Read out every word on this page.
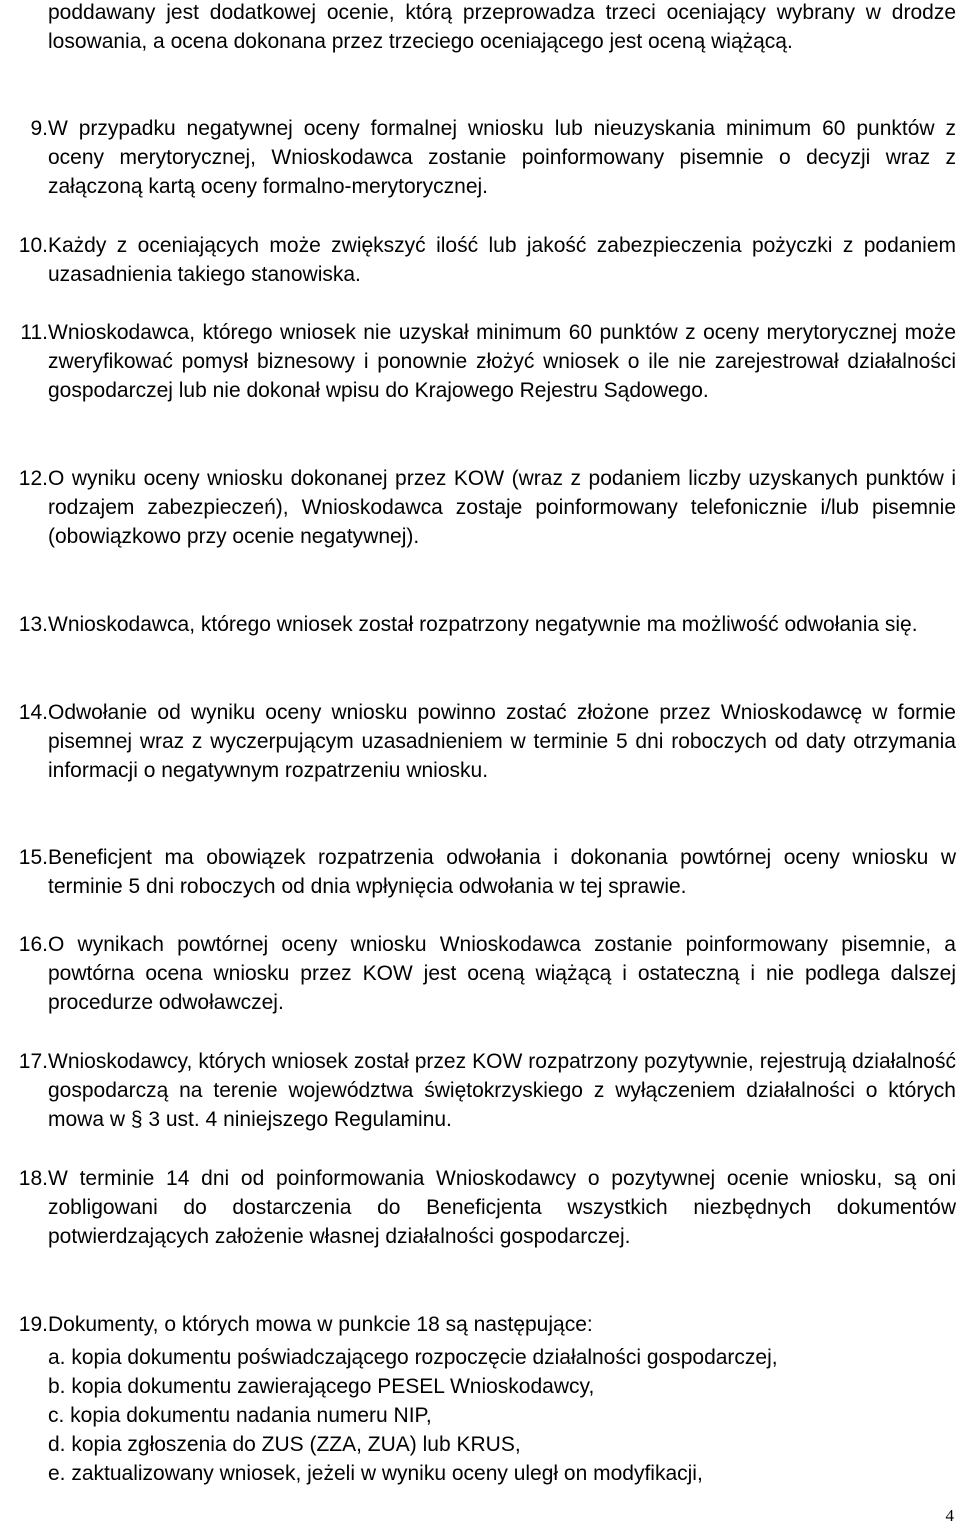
poddawany jest dodatkowej ocenie, którą przeprowadza trzeci oceniający wybrany w drodze losowania, a ocena dokonana przez trzeciego oceniającego jest oceną wiążącą.
9. W przypadku negatywnej oceny formalnej wniosku lub nieuzyskania minimum 60 punktów z oceny merytorycznej, Wnioskodawca zostanie poinformowany pisemnie o decyzji wraz z załączoną kartą oceny formalno-merytorycznej.
10. Każdy z oceniających może zwiększyć ilość lub jakość zabezpieczenia pożyczki z podaniem uzasadnienia takiego stanowiska.
11. Wnioskodawca, którego wniosek nie uzyskał minimum 60 punktów z oceny merytorycznej może zweryfikować pomysł biznesowy i ponownie złożyć wniosek o ile nie zarejestrował działalności gospodarczej lub nie dokonał wpisu do Krajowego Rejestru Sądowego.
12. O wyniku oceny wniosku dokonanej przez KOW (wraz z podaniem liczby uzyskanych punktów i rodzajem zabezpieczeń), Wnioskodawca zostaje poinformowany telefonicznie i/lub pisemnie (obowiązkowo przy ocenie negatywnej).
13. Wnioskodawca, którego wniosek został rozpatrzony negatywnie ma możliwość odwołania się.
14. Odwołanie od wyniku oceny wniosku powinno zostać złożone przez Wnioskodawcę w formie pisemnej wraz z wyczerpującym uzasadnieniem w terminie 5 dni roboczych od daty otrzymania informacji o negatywnym rozpatrzeniu wniosku.
15. Beneficjent ma obowiązek rozpatrzenia odwołania i dokonania powtórnej oceny wniosku w terminie 5 dni roboczych od dnia wpłynięcia odwołania w tej sprawie.
16. O wynikach powtórnej oceny wniosku Wnioskodawca zostanie poinformowany pisemnie, a powtórna ocena wniosku przez KOW jest oceną wiążącą i ostateczną i nie podlega dalszej procedurze odwoławczej.
17. Wnioskodawcy, których wniosek został przez KOW rozpatrzony pozytywnie, rejestrują działalność gospodarczą na terenie województwa świętokrzyskiego z wyłączeniem działalności o których mowa w § 3 ust. 4 niniejszego Regulaminu.
18. W terminie 14 dni od poinformowania Wnioskodawcy o pozytywnej ocenie wniosku, są oni zobligowani do dostarczenia do Beneficjenta wszystkich niezbędnych dokumentów potwierdzających założenie własnej działalności gospodarczej.
19. Dokumenty, o których mowa w punkcie 18 są następujące:
a. kopia dokumentu poświadczającego rozpoczęcie działalności gospodarczej,
b. kopia dokumentu zawierającego PESEL Wnioskodawcy,
c. kopia dokumentu nadania numeru NIP,
d. kopia zgłoszenia do ZUS (ZZA, ZUA) lub KRUS,
e. zaktualizowany wniosek, jeżeli w wyniku oceny uległ on modyfikacji,
4
